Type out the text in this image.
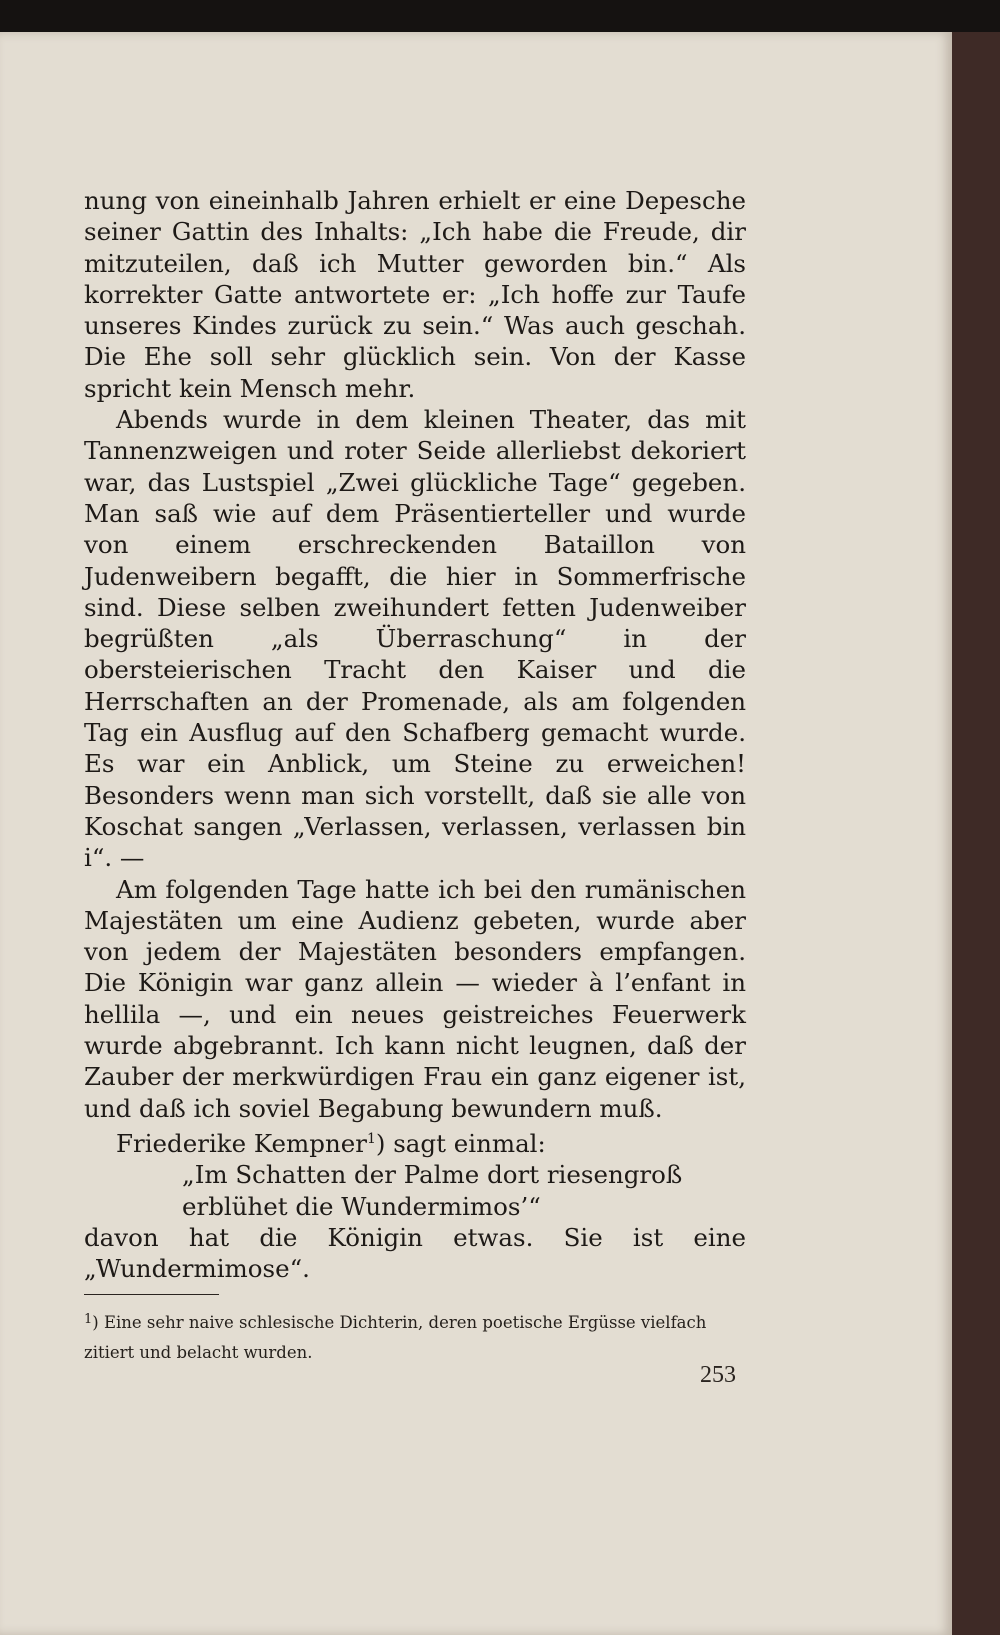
nung von eineinhalb Jahren erhielt er eine Depesche seiner Gattin des Inhalts: „Ich habe die Freude, dir mitzuteilen, daß ich Mutter geworden bin.“ Als korrekter Gatte antwortete er: „Ich hoffe zur Taufe unseres Kindes zurück zu sein.“ Was auch geschah. Die Ehe soll sehr glücklich sein. Von der Kasse spricht kein Mensch mehr.

Abends wurde in dem kleinen Theater, das mit Tannenzweigen und roter Seide allerliebst dekoriert war, das Lustspiel „Zwei glückliche Tage“ gegeben. Man saß wie auf dem Präsentierteller und wurde von einem erschreckenden Bataillon von Judenweibern begafft, die hier in Sommerfrische sind. Diese selben zweihundert fetten Judenweiber begrüßten „als Überraschung“ in der obersteierischen Tracht den Kaiser und die Herrschaften an der Promenade, als am folgenden Tag ein Ausflug auf den Schafberg gemacht wurde. Es war ein Anblick, um Steine zu erweichen! Besonders wenn man sich vorstellt, daß sie alle von Koschat sangen „Verlassen, verlassen, verlassen bin i“. —

Am folgenden Tage hatte ich bei den rumänischen Majestäten um eine Audienz gebeten, wurde aber von jedem der Majestäten besonders empfangen. Die Königin war ganz allein — wieder à l’enfant in hellila —, und ein neues geistreiches Feuerwerk wurde abgebrannt. Ich kann nicht leugnen, daß der Zauber der merkwürdigen Frau ein ganz eigener ist, und daß ich soviel Begabung bewundern muß.

Friederike Kempner$^1$) sagt einmal:

„Im Schatten der Palme dort riesengroß

erblühet die Wundermimos’“

davon hat die Königin etwas. Sie ist eine „Wundermimose“.

$^1$) Eine sehr naive schlesische Dichterin, deren poetische Ergüsse vielfach zitiert und belacht wurden.

253
